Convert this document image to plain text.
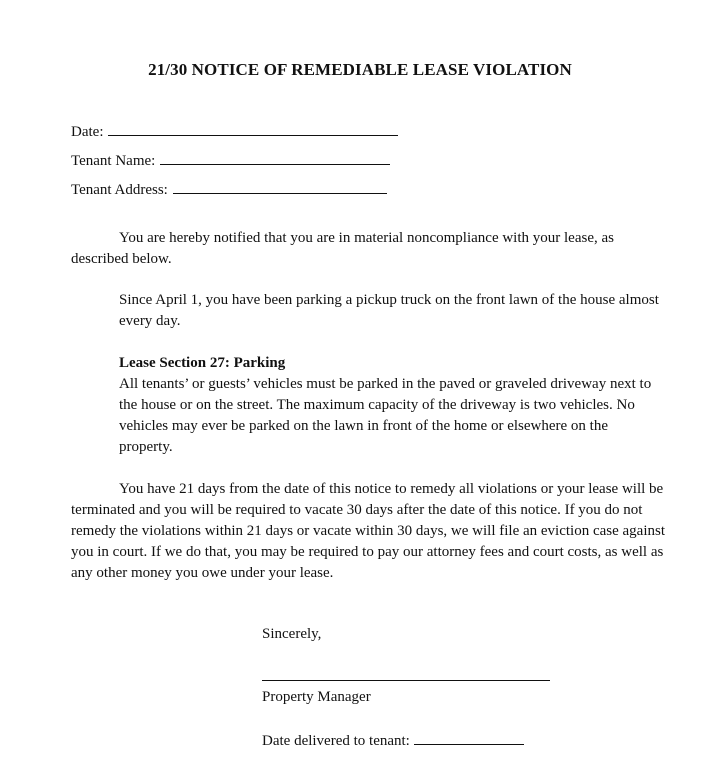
21/30 NOTICE OF REMEDIABLE LEASE VIOLATION
Date:
Tenant Name:
Tenant Address:

You are hereby notified that you are in material noncompliance with your lease, as described below.

Since April 1, you have been parking a pickup truck on the front lawn of the house almost every day.

Lease Section 27: Parking

All tenants’ or guests’ vehicles must be parked in the paved or graveled driveway next to the house or on the street. The maximum capacity of the driveway is two vehicles. No vehicles may ever be parked on the lawn in front of the home or elsewhere on the property.

You have 21 days from the date of this notice to remedy all violations or your lease will be terminated and you will be required to vacate 30 days after the date of this notice. If you do not remedy the violations within 21 days or vacate within 30 days, we will file an eviction case against you in court. If we do that, you may be required to pay our attorney fees and court costs, as well as any other money you owe under your lease.

Sincerely,
Property Manager
Date delivered to tenant:
